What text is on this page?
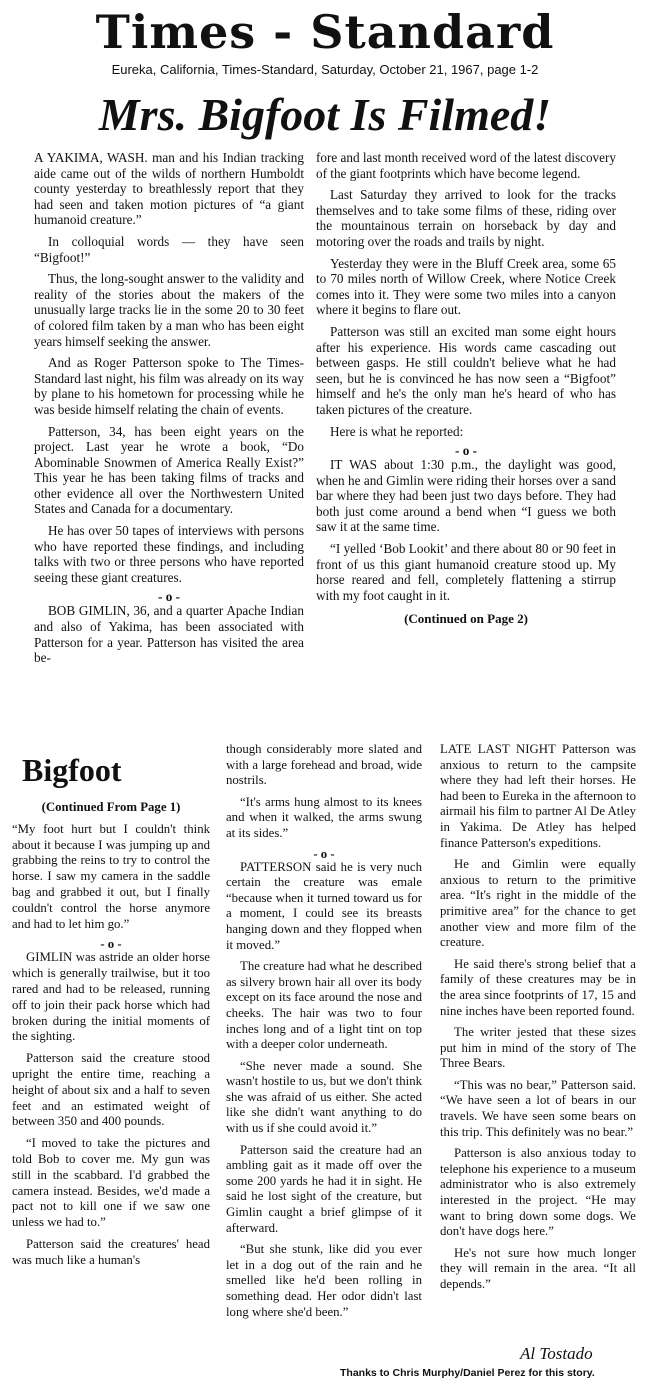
Times - Standard
Eureka, California, Times-Standard, Saturday, October 21, 1967, page 1-2
Mrs. Bigfoot Is Filmed!

A YAKIMA, WASH. man and his Indian tracking aide came out of the wilds of northern Humboldt county yesterday to breathlessly report that they had seen and taken motion pictures of “a giant humanoid creature.”

In colloquial words — they have seen “Bigfoot!”

Thus, the long-sought answer to the validity and reality of the stories about the makers of the unusually large tracks lie in the some 20 to 30 feet of colored film taken by a man who has been eight years himself seeking the answer.

And as Roger Patterson spoke to The Times-Standard last night, his film was already on its way by plane to his hometown for processing while he was beside himself relating the chain of events.

Patterson, 34, has been eight years on the project. Last year he wrote a book, “Do Abominable Snowmen of America Really Exist?” This year he has been taking films of tracks and other evidence all over the Northwestern United States and Canada for a documentary.

He has over 50 tapes of interviews with persons who have reported these findings, and including talks with two or three persons who have reported seeing these giant creatures.

- o -

BOB GIMLIN, 36, and a quarter Apache Indian and also of Yakima, has been associated with Patterson for a year. Patterson has visited the area be-

fore and last month received word of the latest discovery of the giant footprints which have become legend.

Last Saturday they arrived to look for the tracks themselves and to take some films of these, riding over the mountainous terrain on horseback by day and motoring over the roads and trails by night.

Yesterday they were in the Bluff Creek area, some 65 to 70 miles north of Willow Creek, where Notice Creek comes into it. They were some two miles into a canyon where it begins to flare out.

Patterson was still an excited man some eight hours after his experience. His words came cascading out between gasps. He still couldn't believe what he had seen, but he is convinced he has now seen a “Bigfoot” himself and he's the only man he's heard of who has taken pictures of the creature.

Here is what he reported:

- o -

IT WAS about 1:30 p.m., the daylight was good, when he and Gimlin were riding their horses over a sand bar where they had been just two days before. They had both just come around a bend when “I guess we both saw it at the same time.

“I yelled ‘Bob Lookit’ and there about 80 or 90 feet in front of us this giant humanoid creature stood up. My horse reared and fell, completely flattening a stirrup with my foot caught in it.

(Continued on Page 2)
Bigfoot
(Continued From Page 1)

“My foot hurt but I couldn't think about it because I was jumping up and grabbing the reins to try to control the horse. I saw my camera in the saddle bag and grabbed it out, but I finally couldn't control the horse anymore and had to let him go.”

- o -

GIMLIN was astride an older horse which is generally trailwise, but it too rared and had to be released, running off to join their pack horse which had broken during the initial moments of the sighting.

Patterson said the creature stood upright the entire time, reaching a height of about six and a half to seven feet and an estimated weight of between 350 and 400 pounds.

“I moved to take the pictures and told Bob to cover me. My gun was still in the scabbard. I'd grabbed the camera instead. Besides, we'd made a pact not to kill one if we saw one unless we had to.”

Patterson said the creatures' head was much like a human's

though considerably more slated and with a large forehead and broad, wide nostrils.

“It's arms hung almost to its knees and when it walked, the arms swung at its sides.”

- o -

PATTERSON said he is very nuch certain the creature was emale “because when it turned toward us for a moment, I could see its breasts hanging down and they flopped when it moved.”

The creature had what he described as silvery brown hair all over its body except on its face around the nose and cheeks. The hair was two to four inches long and of a light tint on top with a deeper color underneath.

“She never made a sound. She wasn't hostile to us, but we don't think she was afraid of us either. She acted like she didn't want anything to do with us if she could avoid it.”

Patterson said the creature had an ambling gait as it made off over the some 200 yards he had it in sight. He said he lost sight of the creature, but Gimlin caught a brief glimpse of it afterward.

“But she stunk, like did you ever let in a dog out of the rain and he smelled like he'd been rolling in something dead. Her odor didn't last long where she'd been.”

LATE LAST NIGHT Patterson was anxious to return to the campsite where they had left their horses. He had been to Eureka in the afternoon to airmail his film to partner Al De Atley in Yakima. De Atley has helped finance Patterson's expeditions.

He and Gimlin were equally anxious to return to the primitive area. “It's right in the middle of the primitive area” for the chance to get another view and more film of the creature.

He said there's strong belief that a family of these creatures may be in the area since footprints of 17, 15 and nine inches have been reported found.

The writer jested that these sizes put him in mind of the story of The Three Bears.

“This was no bear,” Patterson said. “We have seen a lot of bears in our travels. We have seen some bears on this trip. This definitely was no bear.”

Patterson is also anxious today to telephone his experience to a museum administrator who is also extremely interested in the project. “He may want to bring down some dogs. We don't have dogs here.”

He's not sure how much longer they will remain in the area. “It all depends.”

Al Tostado
Thanks to Chris Murphy/Daniel Perez for this story.
